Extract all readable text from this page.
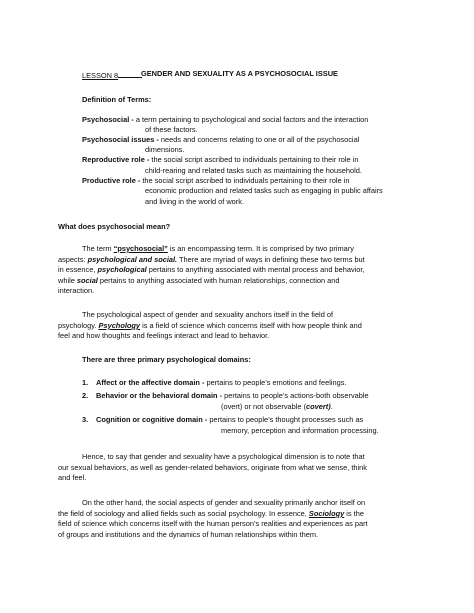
LESSON 8	GENDER AND SEXUALITY AS A PSYCHOSOCIAL ISSUE
Definition of Terms:
Psychosocial - a term pertaining to psychological and social factors and the interaction
of these factors.
Psychosocial issues - needs and concerns relating to one or all of the psychosocial
dimensions.
Reproductive role - the social script ascribed to individuals pertaining to their role in
child-rearing and related tasks such as maintaining the household.
Productive role - the social script ascribed to individuals pertaining to their role in
economic production and related tasks such as engaging in public affairs
and living in the world of work.
What does psychosocial mean?
The term “psychosocial” is an encompassing term. It is comprised by two primary
aspects: psychological and social. There are myriad of ways in defining these two terms but
in essence, psychological pertains to anything associated with mental process and behavior,
while social pertains to anything associated with human relationships, connection and
interaction.
The psychological aspect of gender and sexuality anchors itself in the field of
psychology. Psychology is a field of science which concerns itself with how people think and
feel and how thoughts and feelings interact and lead to behavior.
There are three primary psychological domains:
1. Affect or the affective domain - pertains to people’s emotions and feelings.
2. Behavior or the behavioral domain - pertains to people’s actions-both observable
(overt) or not observable (covert).
3. Cognition or cognitive domain - pertains to people’s thought processes such as
memory, perception and information processing.
Hence, to say that gender and sexuality have a psychological dimension is to note that
our sexual behaviors, as well as gender-related behaviors, originate from what we sense, think
and feel.
On the other hand, the social aspects of gender and sexuality primarily anchor itself on
the field of sociology and allied fields such as social psychology. In essence, Sociology is the
field of science which concerns itself with the human person’s realities and experiences as part
of groups and institutions and the dynamics of human relationships within them.
